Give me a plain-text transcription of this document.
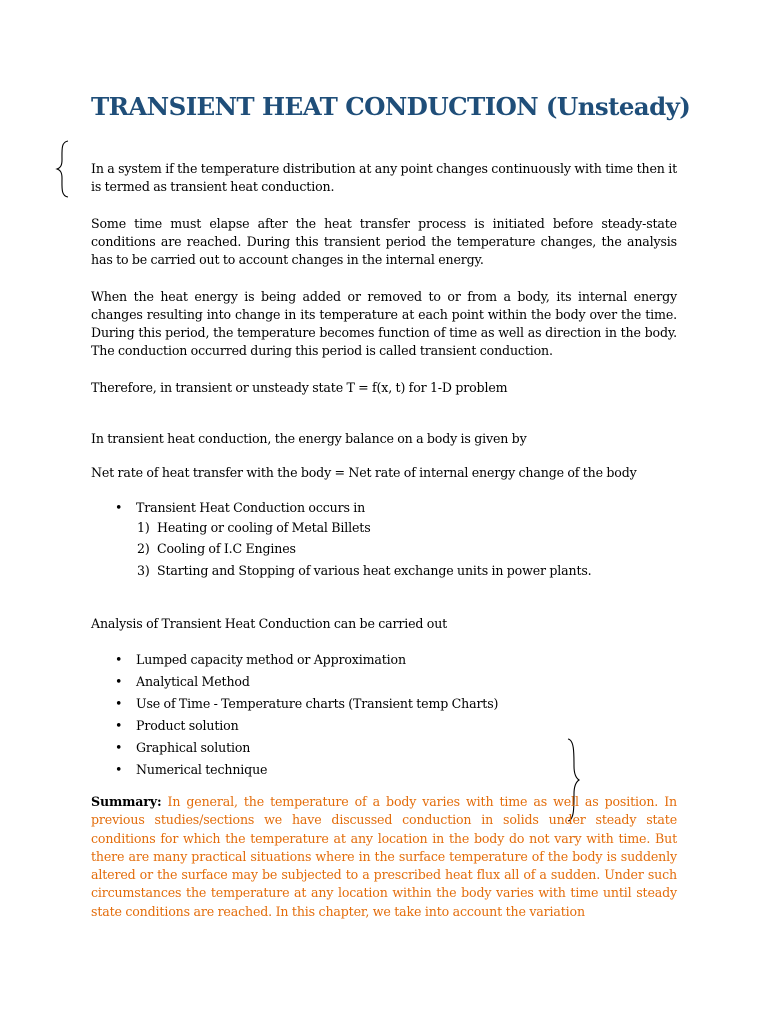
TRANSIENT HEAT CONDUCTION (Unsteady)

In a system if the temperature distribution at any point changes continuously with time then it is termed as transient heat conduction.

Some time must elapse after the heat transfer process is initiated before steady-state conditions are reached. During this transient period the temperature changes, the analysis has to be carried out to account changes in the internal energy.

When the heat energy is being added or removed to or from a body, its internal energy changes resulting into change in its temperature at each point within the body over the time. During this period, the temperature becomes function of time as well as direction in the body. The conduction occurred during this period is called transient conduction.

Therefore, in transient or unsteady state T = f(x, t) for 1-D problem

In transient heat conduction, the energy balance on a body is given by

Net rate of heat transfer with the body = Net rate of internal energy change of the body

• Transient Heat Conduction occurs in
1) Heating or cooling of Metal Billets
2) Cooling of I.C Engines
3) Starting and Stopping of various heat exchange units in power plants.

Analysis of Transient Heat Conduction can be carried out

• Lumped capacity method or Approximation
• Analytical Method
• Use of Time - Temperature charts (Transient temp Charts)
• Product solution
• Graphical solution
• Numerical technique

Summary: In general, the temperature of a body varies with time as well as position. In previous studies/sections we have discussed conduction in solids under steady state conditions for which the temperature at any location in the body do not vary with time. But there are many practical situations where in the surface temperature of the body is suddenly altered or the surface may be subjected to a prescribed heat flux all of a sudden. Under such circumstances the temperature at any location within the body varies with time until steady state conditions are reached. In this chapter, we take into account the variation
